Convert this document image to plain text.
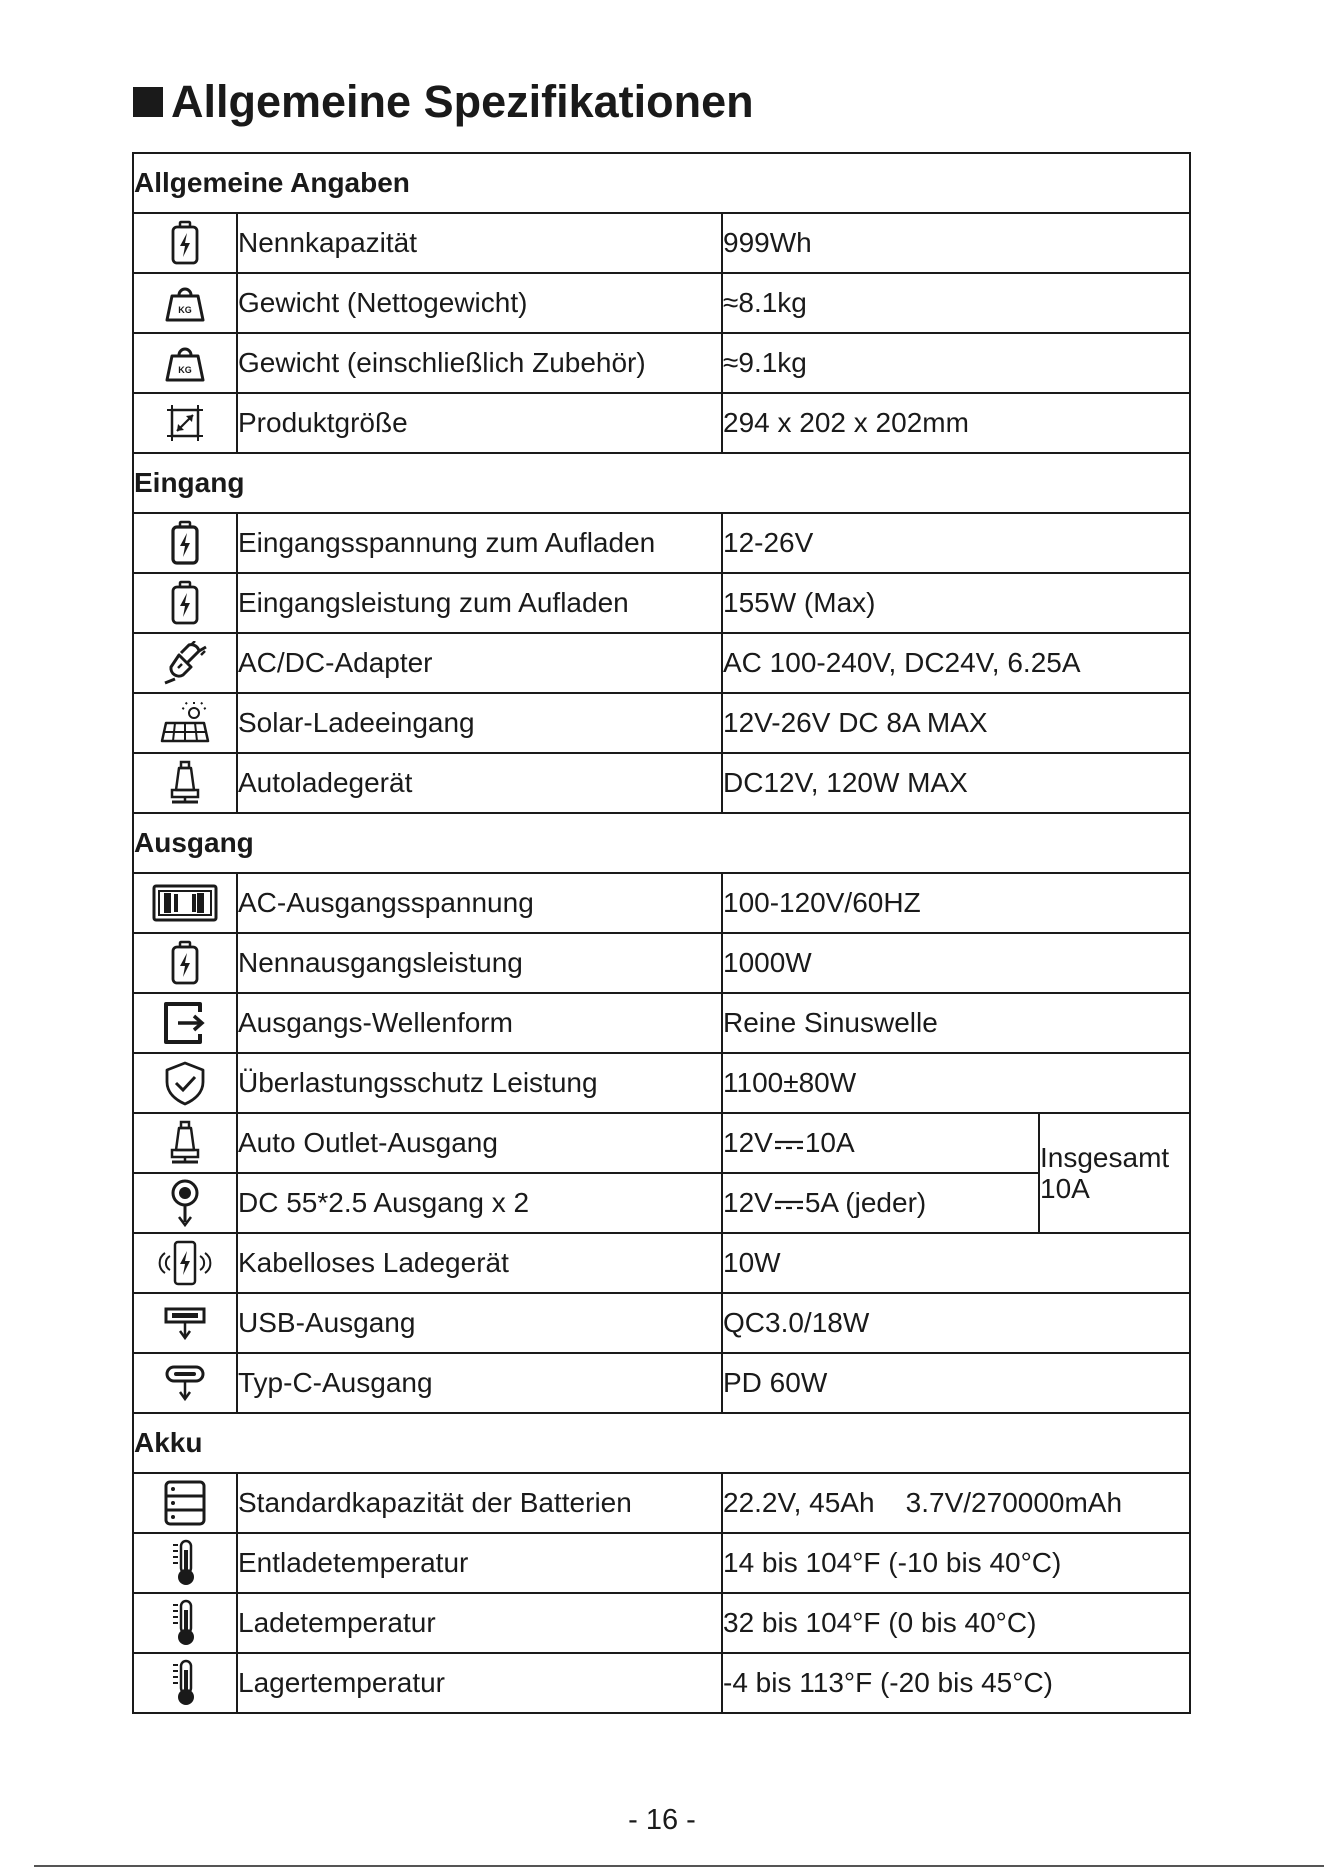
Allgemeine Spezifikationen
Allgemeine Angaben			

	Nennkapazität	999Wh	

KG	Gewicht (Nettogewicht)	≈8.1kg	

KG	Gewicht (einschließlich Zubehör)	≈9.1kg	

	Produktgröße	294 x 202 x 202mm	
Eingang			

	Eingangsspannung zum Aufladen	12-26V	

	Eingangsleistung zum Aufladen	155W (Max)	

	AC/DC-Adapter	AC 100-240V, DC24V, 6.25A	

	Solar-Ladeeingang	12V-26V DC 8A MAX	

	Autoladegerät	DC12V, 120W MAX	
Ausgang			

	AC-Ausgangsspannung	100-120V/60HZ	

	Nennausgangsleistung	1000W	

	Ausgangs-Wellenform	Reine Sinuswelle	

	Überlastungsschutz Leistung	1100±80W	

	Auto Outlet-Ausgang	12V 10A	Insgesamt
10A

	DC 55*2.5 Ausgang x 2	12V 5A (jeder)	

	Kabelloses Ladegerät	10W	

	USB-Ausgang	QC3.0/18W	

	Typ-C-Ausgang	PD 60W	
Akku			

	Standardkapazität der Batterien	22.2V, 45Ah    3.7V/270000mAh	

	Entladetemperatur	14 bis 104°F (-10 bis 40°C)	

	Ladetemperatur	32 bis 104°F (0 bis 40°C)	

	Lagertemperatur	-4 bis 113°F (-20 bis 45°C)	
- 16 -
